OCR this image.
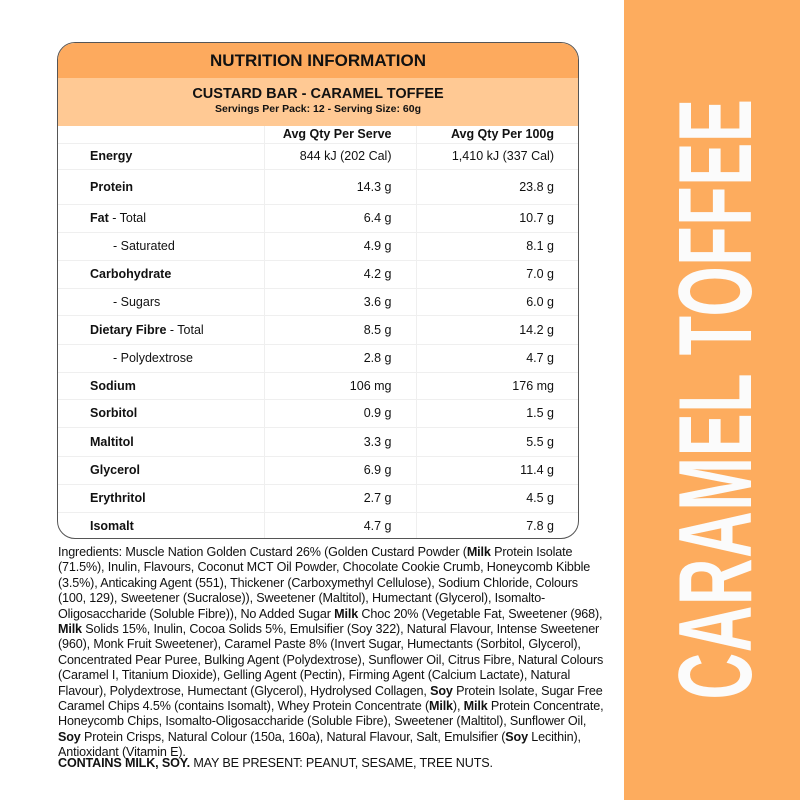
CARAMEL TOFFEE
NUTRITION INFORMATION
CUSTARD BAR - CARAMEL TOFFEE
Servings Per Pack: 12 - Serving Size: 60g
	Avg Qty Per Serve	Avg Qty Per 100g
Energy	844 kJ (202 Cal)	1,410 kJ (337 Cal)
Protein	14.3 g	23.8 g
Fat - Total	6.4 g	10.7 g
- Saturated	4.9 g	8.1 g
Carbohydrate	4.2 g	7.0 g
- Sugars	3.6 g	6.0 g
Dietary Fibre - Total	8.5 g	14.2 g
- Polydextrose	2.8 g	4.7 g
Sodium	106 mg	176 mg
Sorbitol	0.9 g	1.5 g
Maltitol	3.3 g	5.5 g
Glycerol	6.9 g	11.4 g
Erythritol	2.7 g	4.5 g
Isomalt	4.7 g	7.8 g
Ingredients: Muscle Nation Golden Custard 26% (Golden Custard Powder (Milk Protein Isolate (71.5%), Inulin, Flavours, Coconut MCT Oil Powder, Chocolate Cookie Crumb, Honeycomb Kibble (3.5%), Anticaking Agent (551), Thickener (Carboxymethyl Cellulose), Sodium Chloride, Colours (100, 129), Sweetener (Sucralose)), Sweetener (Maltitol), Humectant (Glycerol), Isomalto-Oligosaccharide (Soluble Fibre)), No Added Sugar Milk Choc 20% (Vegetable Fat, Sweetener (968), Milk Solids 15%, Inulin, Cocoa Solids 5%, Emulsifier (Soy 322), Natural Flavour, Intense Sweetener (960), Monk Fruit Sweetener), Caramel Paste 8% (Invert Sugar, Humectants (Sorbitol, Glycerol), Concentrated Pear Puree, Bulking Agent (Polydextrose), Sunflower Oil, Citrus Fibre, Natural Colours (Caramel I, Titanium Dioxide), Gelling Agent (Pectin), Firming Agent (Calcium Lactate), Natural Flavour), Polydextrose, Humectant (Glycerol), Hydrolysed Collagen, Soy Protein Isolate, Sugar Free Caramel Chips 4.5% (contains Isomalt), Whey Protein Concentrate (Milk), Milk Protein Concentrate, Honeycomb Chips, Isomalto-Oligosaccharide (Soluble Fibre), Sweetener (Maltitol), Sunflower Oil, Soy Protein Crisps, Natural Colour (150a, 160a), Natural Flavour, Salt, Emulsifier (Soy Lecithin), Antioxidant (Vitamin E).
CONTAINS MILK, SOY. MAY BE PRESENT: PEANUT, SESAME, TREE NUTS.
